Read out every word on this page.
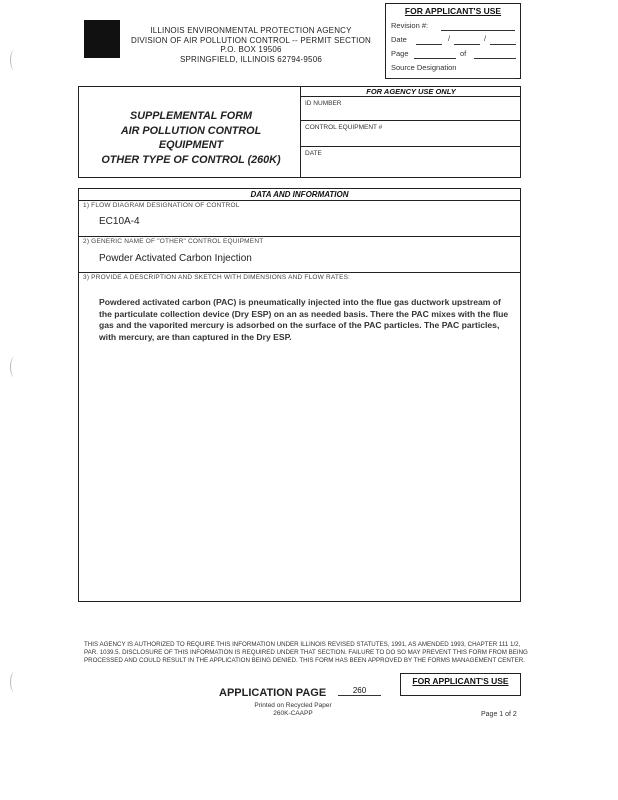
ILLINOIS ENVIRONMENTAL PROTECTION AGENCY
DIVISION OF AIR POLLUTION CONTROL -- PERMIT SECTION
P.O. BOX 19506
SPRINGFIELD, ILLINOIS 62794-9506
FOR APPLICANT'S USE
Revision #:
Date	/	/
Page	of
Source Designation
SUPPLEMENTAL FORM
AIR POLLUTION CONTROL
EQUIPMENT
OTHER TYPE OF CONTROL (260K)
FOR AGENCY USE ONLY
ID NUMBER
CONTROL EQUIPMENT #
DATE
DATA AND INFORMATION
1) FLOW DIAGRAM DESIGNATION OF CONTROL
EC10A-4
2) GENERIC NAME OF "OTHER" CONTROL EQUIPMENT
Powder Activated Carbon Injection
3) PROVIDE A DESCRIPTION AND SKETCH WITH DIMENSIONS AND FLOW RATES:
Powdered activated carbon (PAC) is pneumatically injected into the flue gas ductwork upstream of the particulate collection device (Dry ESP) on an as needed basis. There the PAC mixes with the flue gas and the vaporited mercury is adsorbed on the surface of the PAC particles. The PAC particles, with mercury, are than captured in the Dry ESP.
THIS AGENCY IS AUTHORIZED TO REQUIRE THIS INFORMATION UNDER ILLINOIS REVISED STATUTES, 1991, AS AMENDED 1993, CHAPTER 111 1/2, PAR. 1039.5. DISCLOSURE OF THIS INFORMATION IS REQUIRED UNDER THAT SECTION. FAILURE TO DO SO MAY PREVENT THIS FORM FROM BEING PROCESSED AND COULD RESULT IN THE APPLICATION BEING DENIED. THIS FORM HAS BEEN APPROVED BY THE FORMS MANAGEMENT CENTER.
FOR APPLICANT'S USE
APPLICATION PAGE	260
Printed on Recycled Paper
260K-CAAPP	Page 1 of 2
